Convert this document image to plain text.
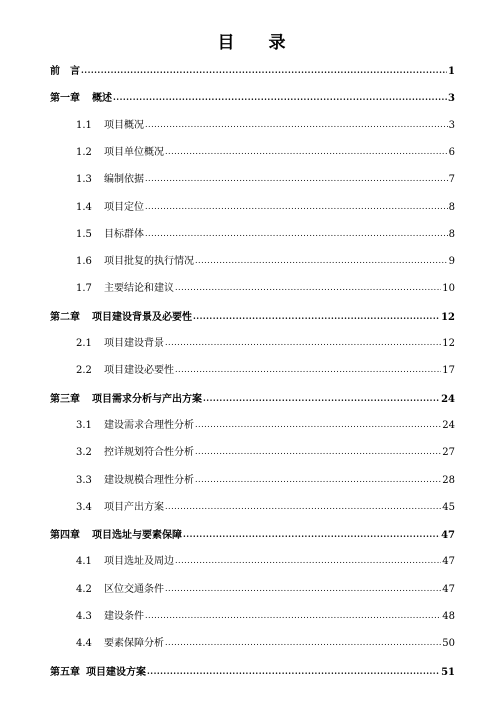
目 录
前　言 .....	1
第一章 概述 .....	3
1.1	项目概况 .....	3
1.2	项目单位概况 .....	6
1.3	编制依据 .....	7
1.4	项目定位 .....	8
1.5	目标群体 .....	8
1.6	项目批复的执行情况 .....	9
1.7	主要结论和建议 .....	10
第二章 项目建设背景及必要性 .....	12
2.1	项目建设背景 .....	12
2.2	项目建设必要性 .....	17
第三章 项目需求分析与产出方案 .....	24
3.1	建设需求合理性分析 .....	24
3.2	控详规划符合性分析 .....	27
3.3	建设规模合理性分析 .....	28
3.4	项目产出方案 .....	45
第四章 项目选址与要素保障 .....	47
4.1	项目选址及周边 .....	47
4.2	区位交通条件 .....	47
4.3	建设条件 .....	48
4.4	要素保障分析 .....	50
第五章 项目建设方案 .....	51
